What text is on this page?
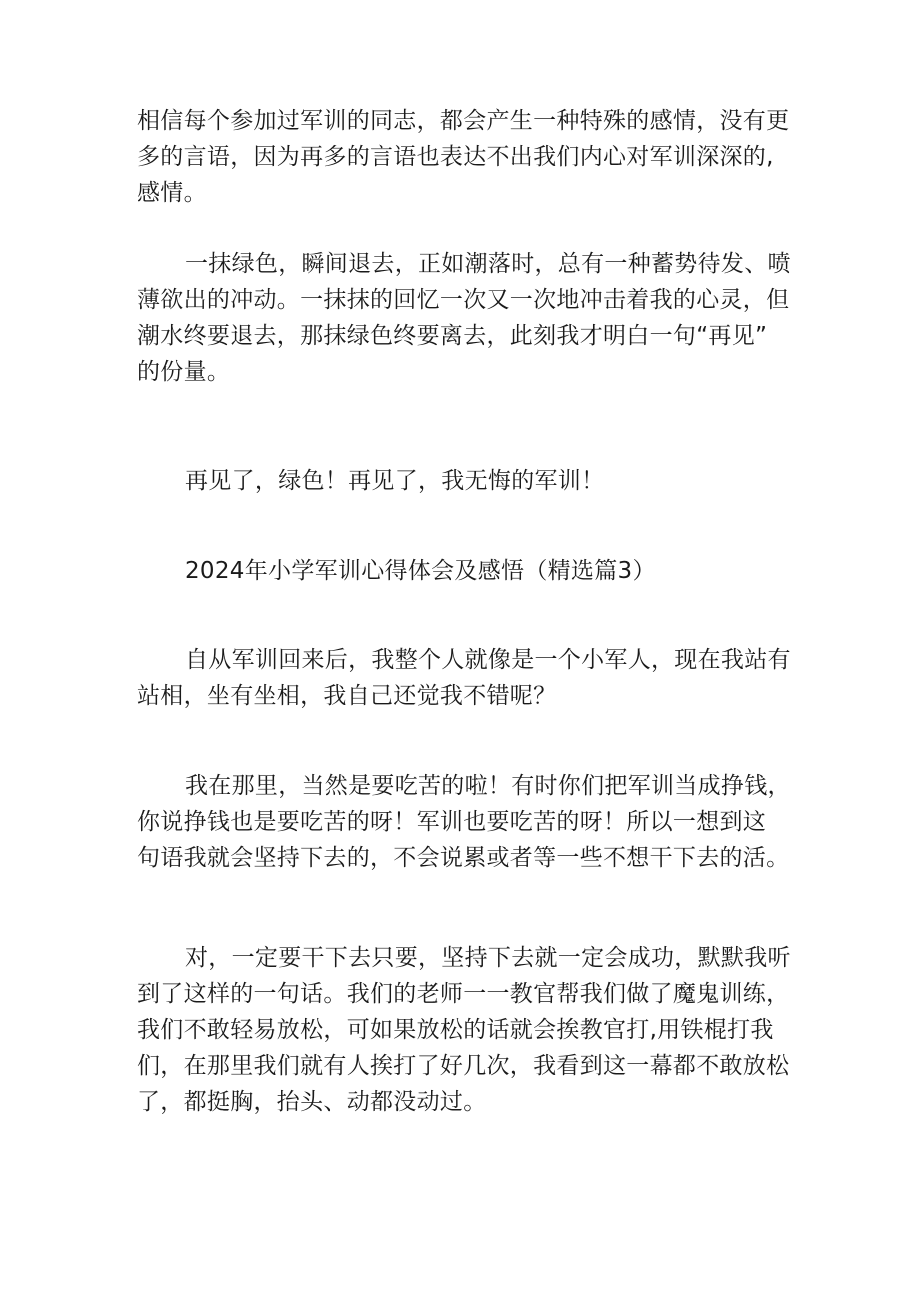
相信每个参加过军训的同志，都会产生一种特殊的感情，没有更
多的言语，因为再多的言语也表达不出我们内心对军训深深的,
感情。
一抹绿色，瞬间退去，正如潮落时，总有一种蓄势待发、喷
薄欲出的冲动。一抹抹的回忆一次又一次地冲击着我的心灵，但
潮水终要退去，那抹绿色终要离去，此刻我才明白一句“再见”
的份量。
再见了，绿色！再见了，我无悔的军训！
2024年小学军训心得体会及感悟（精选篇3）
自从军训回来后，我整个人就像是一个小军人，现在我站有
站相，坐有坐相，我自己还觉我不错呢？
我在那里，当然是要吃苦的啦！有时你们把军训当成挣钱，
你说挣钱也是要吃苦的呀！军训也要吃苦的呀！所以一想到这
句语我就会坚持下去的，不会说累或者等一些不想干下去的活。
对，一定要干下去只要，坚持下去就一定会成功，默默我听
到了这样的一句话。我们的老师一一教官帮我们做了魔鬼训练，
我们不敢轻易放松，可如果放松的话就会挨教官打,用铁棍打我
们，在那里我们就有人挨打了好几次，我看到这一幕都不敢放松
了，都挺胸，抬头、动都没动过。
